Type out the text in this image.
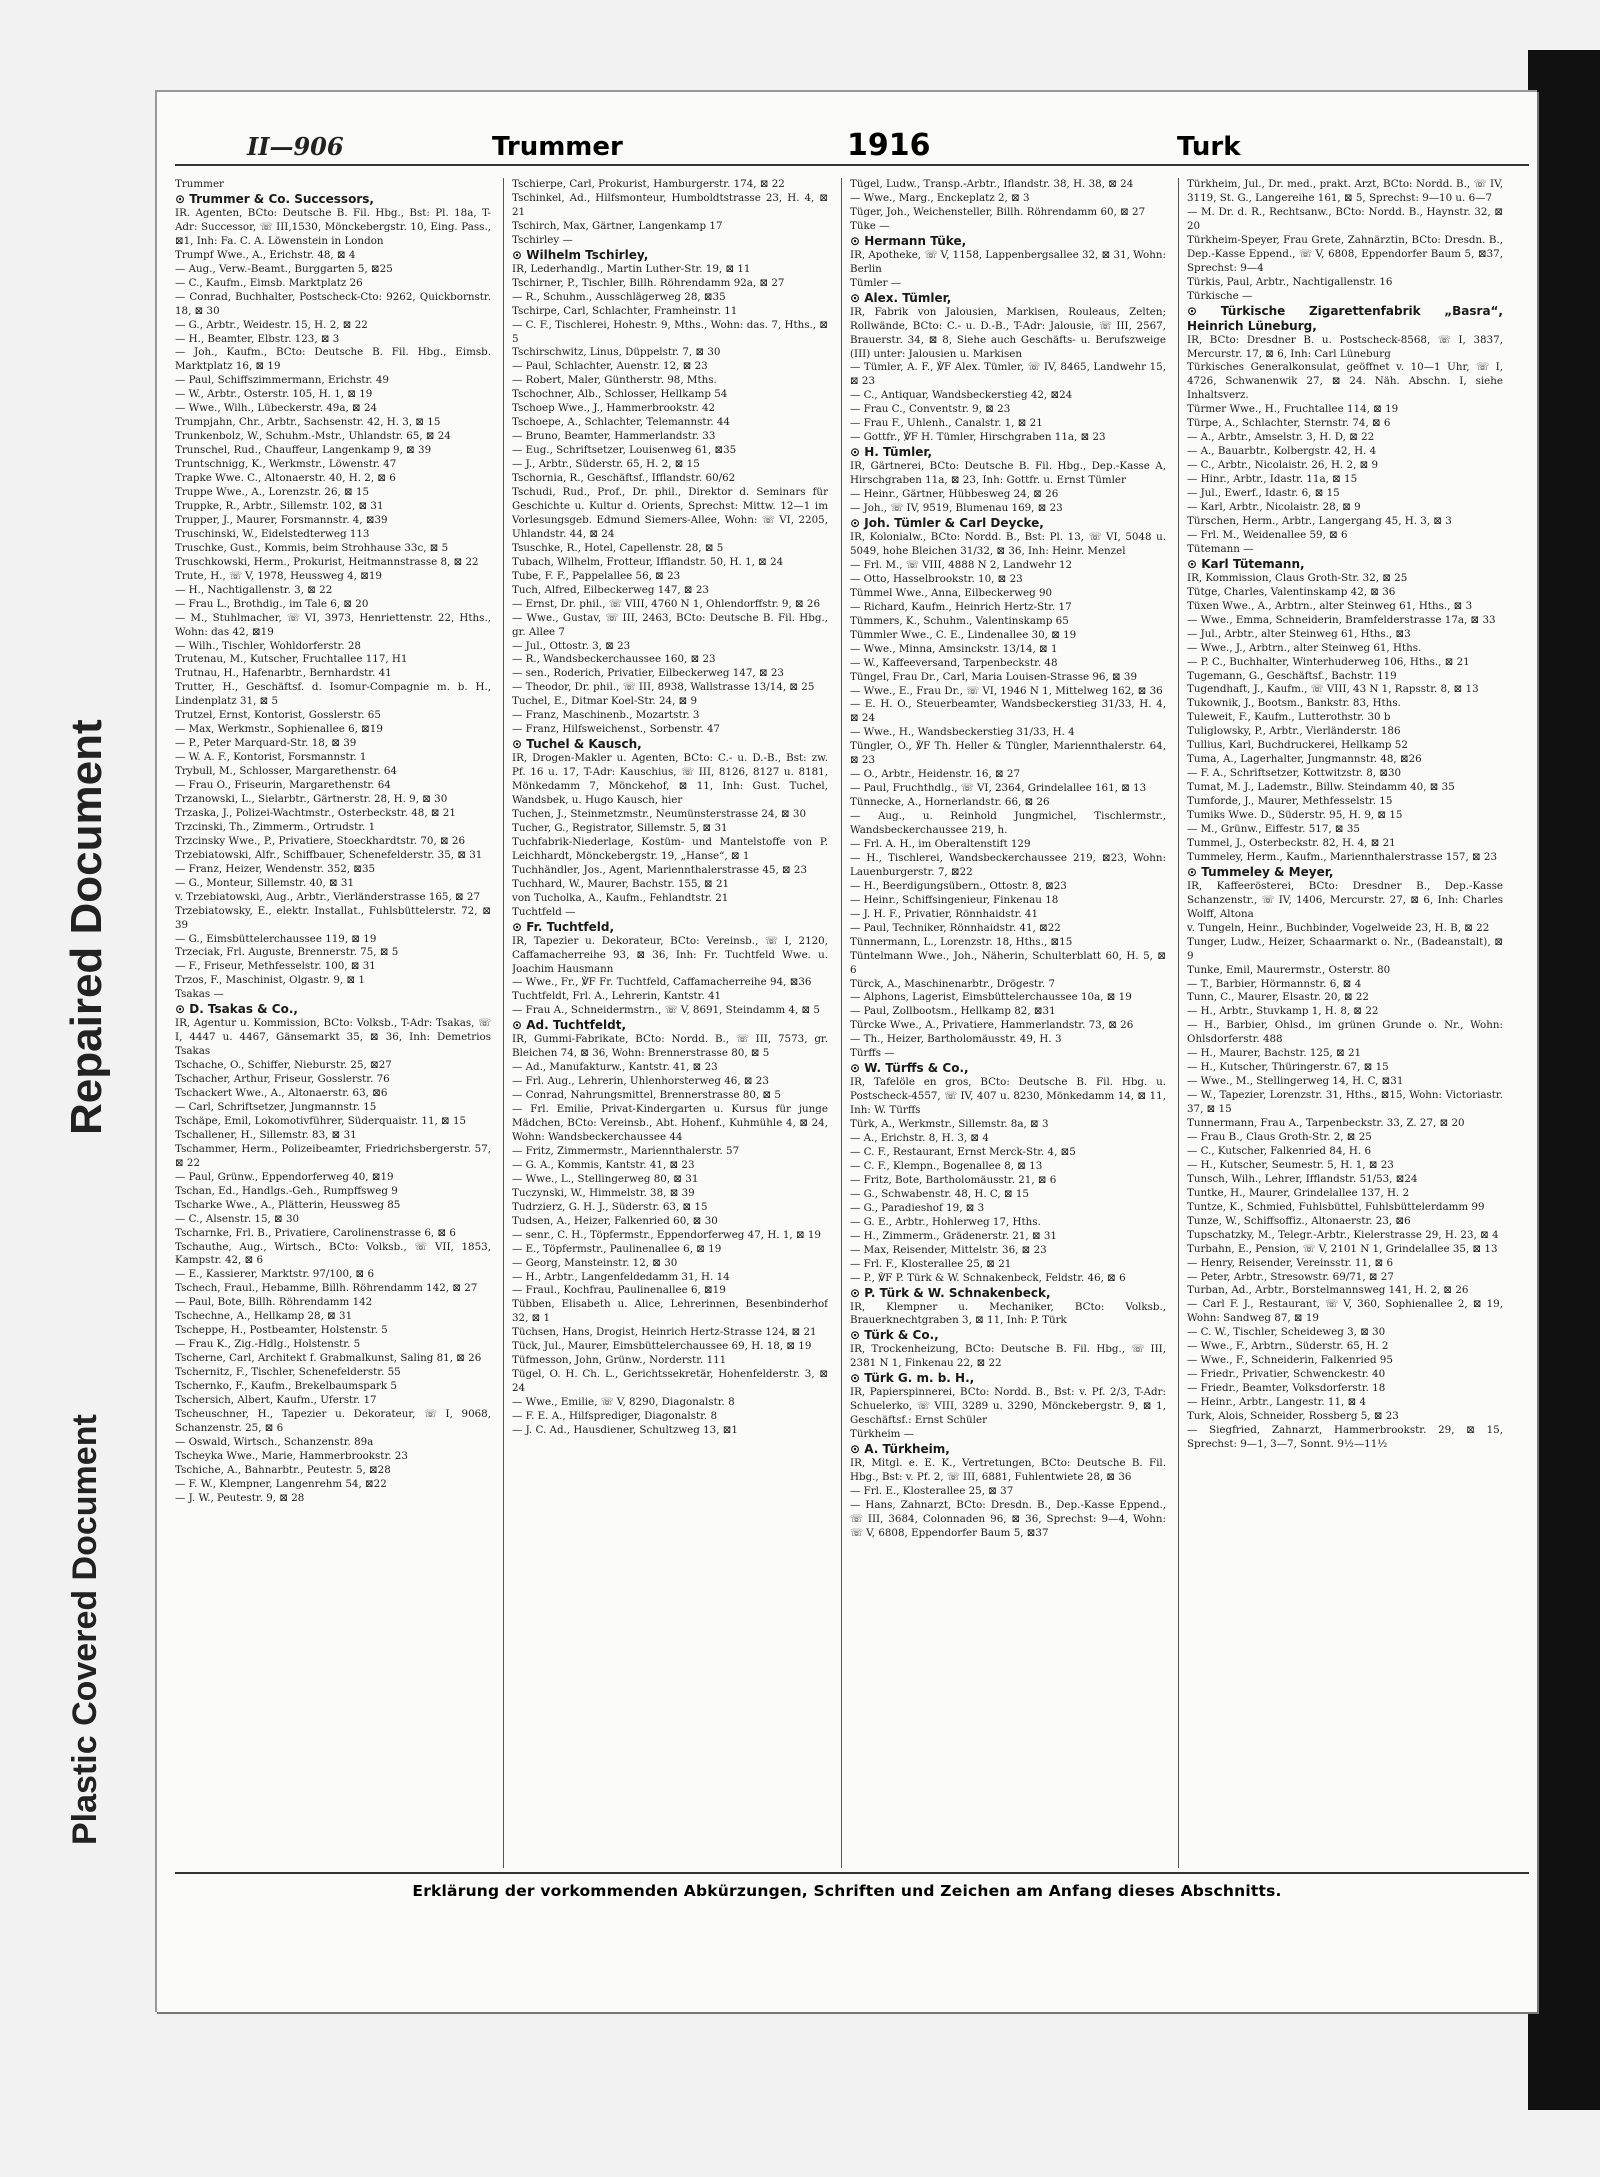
Repaired Document
Plastic Covered Document
II—906	Trummer	1916	Turk

Trummer

⊙ Trummer & Co. Successors,

IR. Agenten, BCto: Deutsche B. Fil. Hbg., Bst: Pl. 18a, T-Adr: Successor, ☏ III,1530, Mönckebergstr. 10, Eing. Pass., ⊠1, Inh: Fa. C. A. Löwenstein in London

Trumpf Wwe., A., Erichstr. 48, ⊠ 4

— Aug., Verw.-Beamt., Burggarten 5, ⊠25

— C., Kaufm., Eimsb. Marktplatz 26

— Conrad, Buchhalter, Postscheck-Cto: 9262, Quickbornstr. 18, ⊠ 30

— G., Arbtr., Weidestr. 15, H. 2, ⊠ 22

— H., Beamter, Elbstr. 123, ⊠ 3

— Joh., Kaufm., BCto: Deutsche B. Fil. Hbg., Eimsb. Marktplatz 16, ⊠ 19

— Paul, Schiffszimmermann, Erichstr. 49

— W., Arbtr., Osterstr. 105, H. 1, ⊠ 19

— Wwe., Wilh., Lübeckerstr. 49a, ⊠ 24

Trumpjahn, Chr., Arbtr., Sachsenstr. 42, H. 3, ⊠ 15

Trunkenbolz, W., Schuhm.-Mstr., Uhlandstr. 65, ⊠ 24

Trunschel, Rud., Chauffeur, Langenkamp 9, ⊠ 39

Truntschnigg, K., Werkmstr., Löwenstr. 47

Trapke Wwe. C., Altonaerstr. 40, H. 2, ⊠ 6

Truppe Wwe., A., Lorenzstr. 26, ⊠ 15

Truppke, R., Arbtr., Sillemstr. 102, ⊠ 31

Trupper, J., Maurer, Forsmannstr. 4, ⊠39

Truschinski, W., Eidelstedterweg 113

Truschke, Gust., Kommis, beim Strohhause 33c, ⊠ 5

Truschkowski, Herm., Prokurist, Heitmannstrasse 8, ⊠ 22

Trute, H., ☏ V, 1978, Heussweg 4, ⊠19

— H., Nachtigallenstr. 3, ⊠ 22

— Frau L., Brothdig., im Tale 6, ⊠ 20

— M., Stuhlmacher, ☏ VI, 3973, Henriettenstr. 22, Hths., Wohn: das 42, ⊠19

— Wilh., Tischler, Wohldorferstr. 28

Trutenau, M., Kutscher, Fruchtallee 117, H1

Trutnau, H., Hafenarbtr., Bernhardstr. 41

Trutter, H., Geschäftsf. d. Isomur-Compagnie m. b. H., Lindenplatz 31, ⊠ 5

Trutzel, Ernst, Kontorist, Gosslerstr. 65

— Max, Werkmstr., Sophienallee 6, ⊠19

— P., Peter Marquard-Str. 18, ⊠ 39

— W. A. F., Kontorist, Forsmannstr. 1

Trybull, M., Schlosser, Margarethenstr. 64

— Frau O., Friseurin, Margarethenstr. 64

Trzanowski, L., Sielarbtr., Gärtnerstr. 28, H. 9, ⊠ 30

Trzaska, J., Polizei-Wachtmstr., Osterbeckstr. 48, ⊠ 21

Trzcinski, Th., Zimmerm., Ortrudstr. 1

Trzcinsky Wwe., P., Privatiere, Stoeckhardtstr. 70, ⊠ 26

Trzebiatowski, Alfr., Schiffbauer, Schenefelderstr. 35, ⊠ 31

— Franz, Heizer, Wendenstr. 352, ⊠35

— G., Monteur, Sillemstr. 40, ⊠ 31

v. Trzebiatowski, Aug., Arbtr., Vierländerstrasse 165, ⊠ 27

Trzebiatowsky, E., elektr. Installat., Fuhlsbüttelerstr. 72, ⊠ 39

— G., Eimsbüttelerchaussee 119, ⊠ 19

Trzeciak, Frl. Auguste, Brennerstr. 75, ⊠ 5

— F., Friseur, Methfesselstr. 100, ⊠ 31

Trzos, F., Maschinist, Olgastr. 9, ⊠ 1

Tsakas —

⊙ D. Tsakas & Co.,

IR, Agentur u. Kommission, BCto: Volksb., T-Adr: Tsakas, ☏ I, 4447 u. 4467, Gänsemarkt 35, ⊠ 36, Inh: Demetrios Tsakas

Tschache, O., Schiffer, Nieburstr. 25, ⊠27

Tschacher, Arthur, Friseur, Gosslerstr. 76

Tschackert Wwe., A., Altonaerstr. 63, ⊠6

— Carl, Schriftsetzer, Jungmannstr. 15

Tschäpe, Emil, Lokomotivführer, Süderquaistr. 11, ⊠ 15

Tschallener, H., Sillemstr. 83, ⊠ 31

Tschammer, Herm., Polizeibeamter, Friedrichsbergerstr. 57, ⊠ 22

— Paul, Grünw., Eppendorferweg 40, ⊠19

Tschan, Ed., Handlgs.-Geh., Rumpffsweg 9

Tscharke Wwe., A., Plätterin, Heussweg 85

— C., Alsenstr. 15, ⊠ 30

Tscharnke, Frl. B., Privatiere, Carolinenstrasse 6, ⊠ 6

Tschauthe, Aug., Wirtsch., BCto: Volksb., ☏ VII, 1853, Kampstr. 42, ⊠ 6

— E., Kassierer, Marktstr. 97/100, ⊠ 6

Tschech, Fraul., Hebamme, Billh. Röhrendamm 142, ⊠ 27

— Paul, Bote, Billh. Röhrendamm 142

Tschechne, A., Hellkamp 28, ⊠ 31

Tscheppe, H., Postbeamter, Holstenstr. 5

— Frau K., Zig.-Hdlg., Holstenstr. 5

Tscherne, Carl, Architekt f. Grabmalkunst, Saling 81, ⊠ 26

Tschernitz, F., Tischler, Schenefelderstr. 55

Tschernko, F., Kaufm., Brekelbaumspark 5

Tschersich, Albert, Kaufm., Uferstr. 17

Tscheuschner, H., Tapezier u. Dekorateur, ☏ I, 9068, Schanzenstr. 25, ⊠ 6

— Oswald, Wirtsch., Schanzenstr. 89a

Tscheyka Wwe., Marie, Hammerbrookstr. 23

Tschiche, A., Bahnarbtr., Peutestr. 5, ⊠28

— F. W., Klempner, Langenrehm 54, ⊠22

— J. W., Peutestr. 9, ⊠ 28

Tschierpe, Carl, Prokurist, Hamburgerstr. 174, ⊠ 22

Tschinkel, Ad., Hilfsmonteur, Humboldtstrasse 23, H. 4, ⊠ 21

Tschirch, Max, Gärtner, Langenkamp 17

Tschirley —

⊙ Wilhelm Tschirley,

IR, Lederhandlg., Martin Luther-Str. 19, ⊠ 11

Tschirner, P., Tischler, Billh. Röhrendamm 92a, ⊠ 27

— R., Schuhm., Ausschlägerweg 28, ⊠35

Tschirpe, Carl, Schlachter, Framheinstr. 11

— C. F., Tischlerei, Hohestr. 9, Mths., Wohn: das. 7, Hths., ⊠ 5

Tschirschwitz, Linus, Düppelstr. 7, ⊠ 30

— Paul, Schlachter, Auenstr. 12, ⊠ 23

— Robert, Maler, Güntherstr. 98, Mths.

Tschochner, Alb., Schlosser, Hellkamp 54

Tschoep Wwe., J., Hammerbrookstr. 42

Tschoepe, A., Schlachter, Telemannstr. 44

— Bruno, Beamter, Hammerlandstr. 33

— Eug., Schriftsetzer, Louisenweg 61, ⊠35

— J., Arbtr., Süderstr. 65, H. 2, ⊠ 15

Tschornia, R., Geschäftsf., Ifflandstr. 60/62

Tschudi, Rud., Prof., Dr. phil., Direktor d. Seminars für Geschichte u. Kultur d. Orients, Sprechst: Mittw. 12—1 im Vorlesungsgeb. Edmund Siemers-Allee, Wohn: ☏ VI, 2205, Uhlandstr. 44, ⊠ 24

Tsuschke, R., Hotel, Capellenstr. 28, ⊠ 5

Tubach, Wilhelm, Frotteur, Ifflandstr. 50, H. 1, ⊠ 24

Tube, F. F., Pappelallee 56, ⊠ 23

Tuch, Alfred, Eilbeckerweg 147, ⊠ 23

— Ernst, Dr. phil., ☏ VIII, 4760 N 1, Ohlendorffstr. 9, ⊠ 26

— Wwe., Gustav, ☏ III, 2463, BCto: Deutsche B. Fil. Hbg., gr. Allee 7

— Jul., Ottostr. 3, ⊠ 23

— R., Wandsbeckerchaussee 160, ⊠ 23

— sen., Roderich, Privatier, Eilbeckerweg 147, ⊠ 23

— Theodor, Dr. phil., ☏ III, 8938, Wallstrasse 13/14, ⊠ 25

Tuchel, E., Ditmar Koel-Str. 24, ⊠ 9

— Franz, Maschinenb., Mozartstr. 3

— Franz, Hilfsweichenst., Sorbenstr. 47

⊙ Tuchel & Kausch,

IR, Drogen-Makler u. Agenten, BCto: C.- u. D.-B., Bst: zw. Pf. 16 u. 17, T-Adr: Kauschius, ☏ III, 8126, 8127 u. 8181, Mönkedamm 7, Mönckehof, ⊠ 11, Inh: Gust. Tuchel, Wandsbek, u. Hugo Kausch, hier

Tuchen, J., Steinmetzmstr., Neumünsterstrasse 24, ⊠ 30

Tucher, G., Registrator, Sillemstr. 5, ⊠ 31

Tuchfabrik-Niederlage, Kostüm- und Mantelstoffe von P. Leichhardt, Mönckebergstr. 19, „Hanse“, ⊠ 1

Tuchhändler, Jos., Agent, Mariennthalerstrasse 45, ⊠ 23

Tuchhard, W., Maurer, Bachstr. 155, ⊠ 21

von Tucholka, A., Kaufm., Fehlandtstr. 21

Tuchtfeld —

⊙ Fr. Tuchtfeld,

IR, Tapezier u. Dekorateur, BCto: Vereinsb., ☏ I, 2120, Caffamacherreihe 93, ⊠ 36, Inh: Fr. Tuchtfeld Wwe. u. Joachim Hausmann

— Wwe., Fr., ℣F Fr. Tuchtfeld, Caffamacherreihe 94, ⊠36

Tuchtfeldt, Frl. A., Lehrerin, Kantstr. 41

— Frau A., Schneidermstrn., ☏ V, 8691, Steindamm 4, ⊠ 5

⊙ Ad. Tuchtfeldt,

IR, Gummi-Fabrikate, BCto: Nordd. B., ☏ III, 7573, gr. Bleichen 74, ⊠ 36, Wohn: Brennerstrasse 80, ⊠ 5

— Ad., Manufakturw., Kantstr. 41, ⊠ 23

— Frl. Aug., Lehrerin, Uhlenhorsterweg 46, ⊠ 23

— Conrad, Nahrungsmittel, Brennerstrasse 80, ⊠ 5

— Frl. Emilie, Privat-Kindergarten u. Kursus für junge Mädchen, BCto: Vereinsb., Abt. Hohenf., Kuhmühle 4, ⊠ 24, Wohn: Wandsbeckerchaussee 44

— Fritz, Zimmermstr., Mariennthalerstr. 57

— G. A., Kommis, Kantstr. 41, ⊠ 23

— Wwe., L., Stellingerweg 80, ⊠ 31

Tuczynski, W., Himmelstr. 38, ⊠ 39

Tudrzierz, G. H. J., Süderstr. 63, ⊠ 15

Tudsen, A., Heizer, Falkenried 60, ⊠ 30

— senr., C. H., Töpfermstr., Eppendorferweg 47, H. 1, ⊠ 19

— E., Töpfermstr., Paulinenallee 6, ⊠ 19

— Georg, Mansteinstr. 12, ⊠ 30

— H., Arbtr., Langenfeldedamm 31, H. 14

— Fraul., Kochfrau, Paulinenallee 6, ⊠19

Tübben, Elisabeth u. Alice, Lehrerinnen, Besenbinderhof 32, ⊠ 1

Tüchsen, Hans, Drogist, Heinrich Hertz-Strasse 124, ⊠ 21

Tück, Jul., Maurer, Eimsbüttelerchaussee 69, H. 18, ⊠ 19

Tüfmesson, John, Grünw., Norderstr. 111

Tügel, O. H. Ch. L., Gerichtssekretär, Hohenfelderstr. 3, ⊠ 24

— Wwe., Emilie, ☏ V, 8290, Diagonalstr. 8

— F. E. A., Hilfsprediger, Diagonalstr. 8

— J. C. Ad., Hausdiener, Schultzweg 13, ⊠1

Tügel, Ludw., Transp.-Arbtr., Iflandstr. 38, H. 38, ⊠ 24

— Wwe., Marg., Enckeplatz 2, ⊠ 3

Tüger, Joh., Weichensteller, Billh. Röhrendamm 60, ⊠ 27

Tüke —

⊙ Hermann Tüke,

IR, Apotheke, ☏ V, 1158, Lappenbergsallee 32, ⊠ 31, Wohn: Berlin

Tümler —

⊙ Alex. Tümler,

IR, Fabrik von Jalousien, Markisen, Rouleaus, Zelten; Rollwände, BCto: C.- u. D.-B., T-Adr: Jalousie, ☏ III, 2567, Brauerstr. 34, ⊠ 8, Siehe auch Geschäfts- u. Berufszweige (III) unter: Jalousien u. Markisen

— Tümler, A. F., ℣F Alex. Tümler, ☏ IV, 8465, Landwehr 15, ⊠ 23

— C., Antiquar, Wandsbeckerstieg 42, ⊠24

— Frau C., Conventstr. 9, ⊠ 23

— Frau F., Uhlenh., Canalstr. 1, ⊠ 21

— Gottfr., ℣F H. Tümler, Hirschgraben 11a, ⊠ 23

⊙ H. Tümler,

IR, Gärtnerei, BCto: Deutsche B. Fil. Hbg., Dep.-Kasse A, Hirschgraben 11a, ⊠ 23, Inh: Gottfr. u. Ernst Tümler

— Heinr., Gärtner, Hübbesweg 24, ⊠ 26

— Joh., ☏ IV, 9519, Blumenau 169, ⊠ 23

⊙ Joh. Tümler & Carl Deycke,

IR, Kolonialw., BCto: Nordd. B., Bst: Pl. 13, ☏ VI, 5048 u. 5049, hohe Bleichen 31/32, ⊠ 36, Inh: Heinr. Menzel

— Frl. M., ☏ VIII, 4888 N 2, Landwehr 12

— Otto, Hasselbrookstr. 10, ⊠ 23

Tümmel Wwe., Anna, Eilbeckerweg 90

— Richard, Kaufm., Heinrich Hertz-Str. 17

Tümmers, K., Schuhm., Valentinskamp 65

Tümmler Wwe., C. E., Lindenallee 30, ⊠ 19

— Wwe., Minna, Amsinckstr. 13/14, ⊠ 1

— W., Kaffeeversand, Tarpenbeckstr. 48

Tüngel, Frau Dr., Carl, Maria Louisen-Strasse 96, ⊠ 39

— Wwe., E., Frau Dr., ☏ VI, 1946 N 1, Mittelweg 162, ⊠ 36

— E. H. O., Steuerbeamter, Wandsbeckerstieg 31/33, H. 4, ⊠ 24

— Wwe., H., Wandsbeckerstieg 31/33, H. 4

Tüngler, O., ℣F Th. Heller & Tüngler, Mariennthalerstr. 64, ⊠ 23

— O., Arbtr., Heidenstr. 16, ⊠ 27

— Paul, Fruchthdlg., ☏ VI, 2364, Grindelallee 161, ⊠ 13

Tünnecke, A., Hornerlandstr. 66, ⊠ 26

— Aug., u. Reinhold Jungmichel, Tischlermstr., Wandsbeckerchaussee 219, h.

— Frl. A. H., im Oberaltenstift 129

— H., Tischlerei, Wandsbeckerchaussee 219, ⊠23, Wohn: Lauenburgerstr. 7, ⊠22

— H., Beerdigungsübern., Ottostr. 8, ⊠23

— Heinr., Schiffsingenieur, Finkenau 18

— J. H. F., Privatier, Rönnhaidstr. 41

— Paul, Techniker, Rönnhaidstr. 41, ⊠22

Tünnermann, L., Lorenzstr. 18, Hths., ⊠15

Tüntelmann Wwe., Joh., Näherin, Schulterblatt 60, H. 5, ⊠ 6

Türck, A., Maschinenarbtr., Drögestr. 7

— Alphons, Lagerist, Eimsbüttelerchaussee 10a, ⊠ 19

— Paul, Zollbootsm., Hellkamp 82, ⊠31

Türcke Wwe., A., Privatiere, Hammerlandstr. 73, ⊠ 26

— Th., Heizer, Bartholomäusstr. 49, H. 3

Türffs —

⊙ W. Türffs & Co.,

IR, Tafelöle en gros, BCto: Deutsche B. Fil. Hbg. u. Postscheck-4557, ☏ IV, 407 u. 8230, Mönkedamm 14, ⊠ 11, Inh: W. Türffs

Türk, A., Werkmstr., Sillemstr. 8a, ⊠ 3

— A., Erichstr. 8, H. 3, ⊠ 4

— C. F., Restaurant, Ernst Merck-Str. 4, ⊠5

— C. F., Klempn., Bogenallee 8, ⊠ 13

— Fritz, Bote, Bartholomäusstr. 21, ⊠ 6

— G., Schwabenstr. 48, H. C, ⊠ 15

— G., Paradieshof 19, ⊠ 3

— G. E., Arbtr., Hohlerweg 17, Hths.

— H., Zimmerm., Grädenerstr. 21, ⊠ 31

— Max, Reisender, Mittelstr. 36, ⊠ 23

— Frl. F., Klosterallee 25, ⊠ 21

— P., ℣F P. Türk & W. Schnakenbeck, Feldstr. 46, ⊠ 6

⊙ P. Türk & W. Schnakenbeck,

IR, Klempner u. Mechaniker, BCto: Volksb., Brauerknechtgraben 3, ⊠ 11, Inh: P. Türk

⊙ Türk & Co.,

IR, Trockenheizung, BCto: Deutsche B. Fil. Hbg., ☏ III, 2381 N 1, Finkenau 22, ⊠ 22

⊙ Türk G. m. b. H.,

IR, Papierspinnerei, BCto: Nordd. B., Bst: v. Pf. 2/3, T-Adr: Schuelerko, ☏ VIII, 3289 u. 3290, Mönckebergstr. 9, ⊠ 1, Geschäftsf.: Ernst Schüler

Türkheim —

⊙ A. Türkheim,

IR, Mitgl. e. E. K., Vertretungen, BCto: Deutsche B. Fil. Hbg., Bst: v. Pf. 2, ☏ III, 6881, Fuhlentwiete 28, ⊠ 36

— Frl. E., Klosterallee 25, ⊠ 37

— Hans, Zahnarzt, BCto: Dresdn. B., Dep.-Kasse Eppend., ☏ III, 3684, Colonnaden 96, ⊠ 36, Sprechst: 9—4, Wohn: ☏ V, 6808, Eppendorfer Baum 5, ⊠37

Türkheim, Jul., Dr. med., prakt. Arzt, BCto: Nordd. B., ☏ IV, 3119, St. G., Langereihe 161, ⊠ 5, Sprechst: 9—10 u. 6—7

— M. Dr. d. R., Rechtsanw., BCto: Nordd. B., Haynstr. 32, ⊠ 20

Türkheim-Speyer, Frau Grete, Zahnärztin, BCto: Dresdn. B., Dep.-Kasse Eppend., ☏ V, 6808, Eppendorfer Baum 5, ⊠37, Sprechst: 9—4

Türkis, Paul, Arbtr., Nachtigallenstr. 16

Türkische —

⊙ Türkische Zigarettenfabrik „Basra“, Heinrich Lüneburg,

IR, BCto: Dresdner B. u. Postscheck-8568, ☏ I, 3837, Mercurstr. 17, ⊠ 6, Inh: Carl Lüneburg

Türkisches Generalkonsulat, geöffnet v. 10—1 Uhr, ☏ I, 4726, Schwanenwik 27, ⊠ 24. Näh. Abschn. I, siehe Inhaltsverz.

Türmer Wwe., H., Fruchtallee 114, ⊠ 19

Türpe, A., Schlachter, Sternstr. 74, ⊠ 6

— A., Arbtr., Amselstr. 3, H. D, ⊠ 22

— A., Bauarbtr., Kolbergstr. 42, H. 4

— C., Arbtr., Nicolaistr. 26, H. 2, ⊠ 9

— Hinr., Arbtr., Idastr. 11a, ⊠ 15

— Jul., Ewerf., Idastr. 6, ⊠ 15

— Karl, Arbtr., Nicolaistr. 28, ⊠ 9

Türschen, Herm., Arbtr., Langergang 45, H. 3, ⊠ 3

— Frl. M., Weidenallee 59, ⊠ 6

Tütemann —

⊙ Karl Tütemann,

IR, Kommission, Claus Groth-Str. 32, ⊠ 25

Tütge, Charles, Valentinskamp 42, ⊠ 36

Tüxen Wwe., A., Arbtrn., alter Steinweg 61, Hths., ⊠ 3

— Wwe., Emma, Schneiderin, Bramfelderstrasse 17a, ⊠ 33

— Jul., Arbtr., alter Steinweg 61, Hths., ⊠3

— Wwe., J., Arbtrn., alter Steinweg 61, Hths.

— P. C., Buchhalter, Winterhuderweg 106, Hths., ⊠ 21

Tugemann, G., Geschäftsf., Bachstr. 119

Tugendhaft, J., Kaufm., ☏ VIII, 43 N 1, Rapsstr. 8, ⊠ 13

Tukownik, J., Bootsm., Bankstr. 83, Hths.

Tuleweit, F., Kaufm., Lutterothstr. 30 b

Tuliglowsky, P., Arbtr., Vierländerstr. 186

Tullius, Karl, Buchdruckerei, Hellkamp 52

Tuma, A., Lagerhalter, Jungmannstr. 48, ⊠26

— F. A., Schriftsetzer, Kottwitzstr. 8, ⊠30

Tumat, M. J., Lademstr., Billw. Steindamm 40, ⊠ 35

Tumforde, J., Maurer, Methfesselstr. 15

Tumiks Wwe. D., Süderstr. 95, H. 9, ⊠ 15

— M., Grünw., Eiffestr. 517, ⊠ 35

Tummel, J., Osterbeckstr. 82, H. 4, ⊠ 21

Tummeley, Herm., Kaufm., Mariennthalerstrasse 157, ⊠ 23

⊙ Tummeley & Meyer,

IR, Kaffeerösterei, BCto: Dresdner B., Dep.-Kasse Schanzenstr., ☏ IV, 1406, Mercurstr. 27, ⊠ 6, Inh: Charles Wolff, Altona

v. Tungeln, Heinr., Buchbinder, Vogelweide 23, H. B, ⊠ 22

Tunger, Ludw., Heizer, Schaarmarkt o. Nr., (Badeanstalt), ⊠ 9

Tunke, Emil, Maurermstr., Osterstr. 80

— T., Barbier, Hörmannstr. 6, ⊠ 4

Tunn, C., Maurer, Elsastr. 20, ⊠ 22

— H., Arbtr., Stuvkamp 1, H. 8, ⊠ 22

— H., Barbier, Ohlsd., im grünen Grunde o. Nr., Wohn: Ohlsdorferstr. 488

— H., Maurer, Bachstr. 125, ⊠ 21

— H., Kutscher, Thüringerstr. 67, ⊠ 15

— Wwe., M., Stellingerweg 14, H. C, ⊠31

— W., Tapezier, Lorenzstr. 31, Hths., ⊠15, Wohn: Victoriastr. 37, ⊠ 15

Tunnermann, Frau A., Tarpenbeckstr. 33, Z. 27, ⊠ 20

— Frau B., Claus Groth-Str. 2, ⊠ 25

— C., Kutscher, Falkenried 84, H. 6

— H., Kutscher, Seumestr. 5, H. 1, ⊠ 23

Tunsch, Wilh., Lehrer, Ifflandstr. 51/53, ⊠24

Tuntke, H., Maurer, Grindelallee 137, H. 2

Tuntze, K., Schmied, Fuhlsbüttel, Fuhlsbüttelerdamm 99

Tunze, W., Schiffsoffiz., Altonaerstr. 23, ⊠6

Tupschatzky, M., Telegr.-Arbtr., Kielerstrasse 29, H. 23, ⊠ 4

Turbahn, E., Pension, ☏ V, 2101 N 1, Grindelallee 35, ⊠ 13

— Henry, Reisender, Vereinsstr. 11, ⊠ 6

— Peter, Arbtr., Stresowstr. 69/71, ⊠ 27

Turban, Ad., Arbtr., Borstelmannsweg 141, H. 2, ⊠ 26

— Carl F. J., Restaurant, ☏ V, 360, Sophienallee 2, ⊠ 19, Wohn: Sandweg 87, ⊠ 19

— C. W., Tischler, Scheideweg 3, ⊠ 30

— Wwe., F., Arbtrn., Süderstr. 65, H. 2

— Wwe., F., Schneiderin, Falkenried 95

— Friedr., Privatier, Schwenckestr. 40

— Friedr., Beamter, Volksdorferstr. 18

— Heinr., Arbtr., Langestr. 11, ⊠ 4

Turk, Alois, Schneider, Rossberg 5, ⊠ 23

— Siegfried, Zahnarzt, Hammerbrookstr. 29, ⊠ 15, Sprechst: 9—1, 3—7, Sonnt. 9½—11½

Erklärung der vorkommenden Abkürzungen, Schriften und Zeichen am Anfang dieses Abschnitts.
